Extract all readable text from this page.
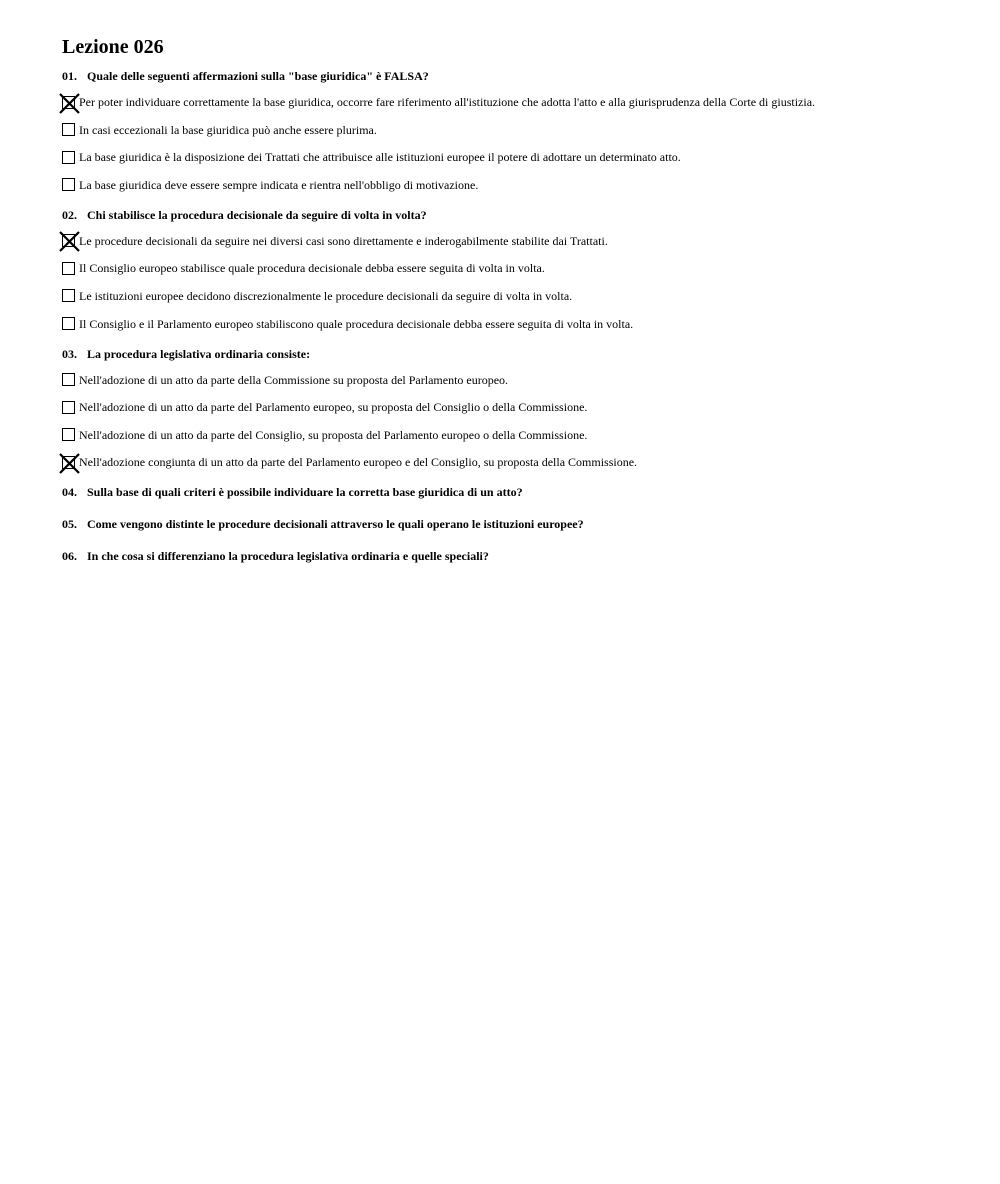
Lezione 026
01. Quale delle seguenti affermazioni sulla "base giuridica" è FALSA?
Per poter individuare correttamente la base giuridica, occorre fare riferimento all'istituzione che adotta l'atto e alla giurisprudenza della Corte di giustizia.
In casi eccezionali la base giuridica può anche essere plurima.
La base giuridica è la disposizione dei Trattati che attribuisce alle istituzioni europee il potere di adottare un determinato atto.
La base giuridica deve essere sempre indicata e rientra nell'obbligo di motivazione.
02. Chi stabilisce la procedura decisionale da seguire di volta in volta?
Le procedure decisionali da seguire nei diversi casi sono direttamente e inderogabilmente stabilite dai Trattati.
Il Consiglio europeo stabilisce quale procedura decisionale debba essere seguita di volta in volta.
Le istituzioni europee decidono discrezionalmente le procedure decisionali da seguire di volta in volta.
Il Consiglio e il Parlamento europeo stabiliscono quale procedura decisionale debba essere seguita di volta in volta.
03. La procedura legislativa ordinaria consiste:
Nell'adozione di un atto da parte della Commissione su proposta del Parlamento europeo.
Nell'adozione di un atto da parte del Parlamento europeo, su proposta del Consiglio o della Commissione.
Nell'adozione di un atto da parte del Consiglio, su proposta del Parlamento europeo o della Commissione.
Nell'adozione congiunta di un atto da parte del Parlamento europeo e del Consiglio, su proposta della Commissione.
04. Sulla base di quali criteri è possibile individuare la corretta base giuridica di un atto?
05. Come vengono distinte le procedure decisionali attraverso le quali operano le istituzioni europee?
06. In che cosa si differenziano la procedura legislativa ordinaria e quelle speciali?
